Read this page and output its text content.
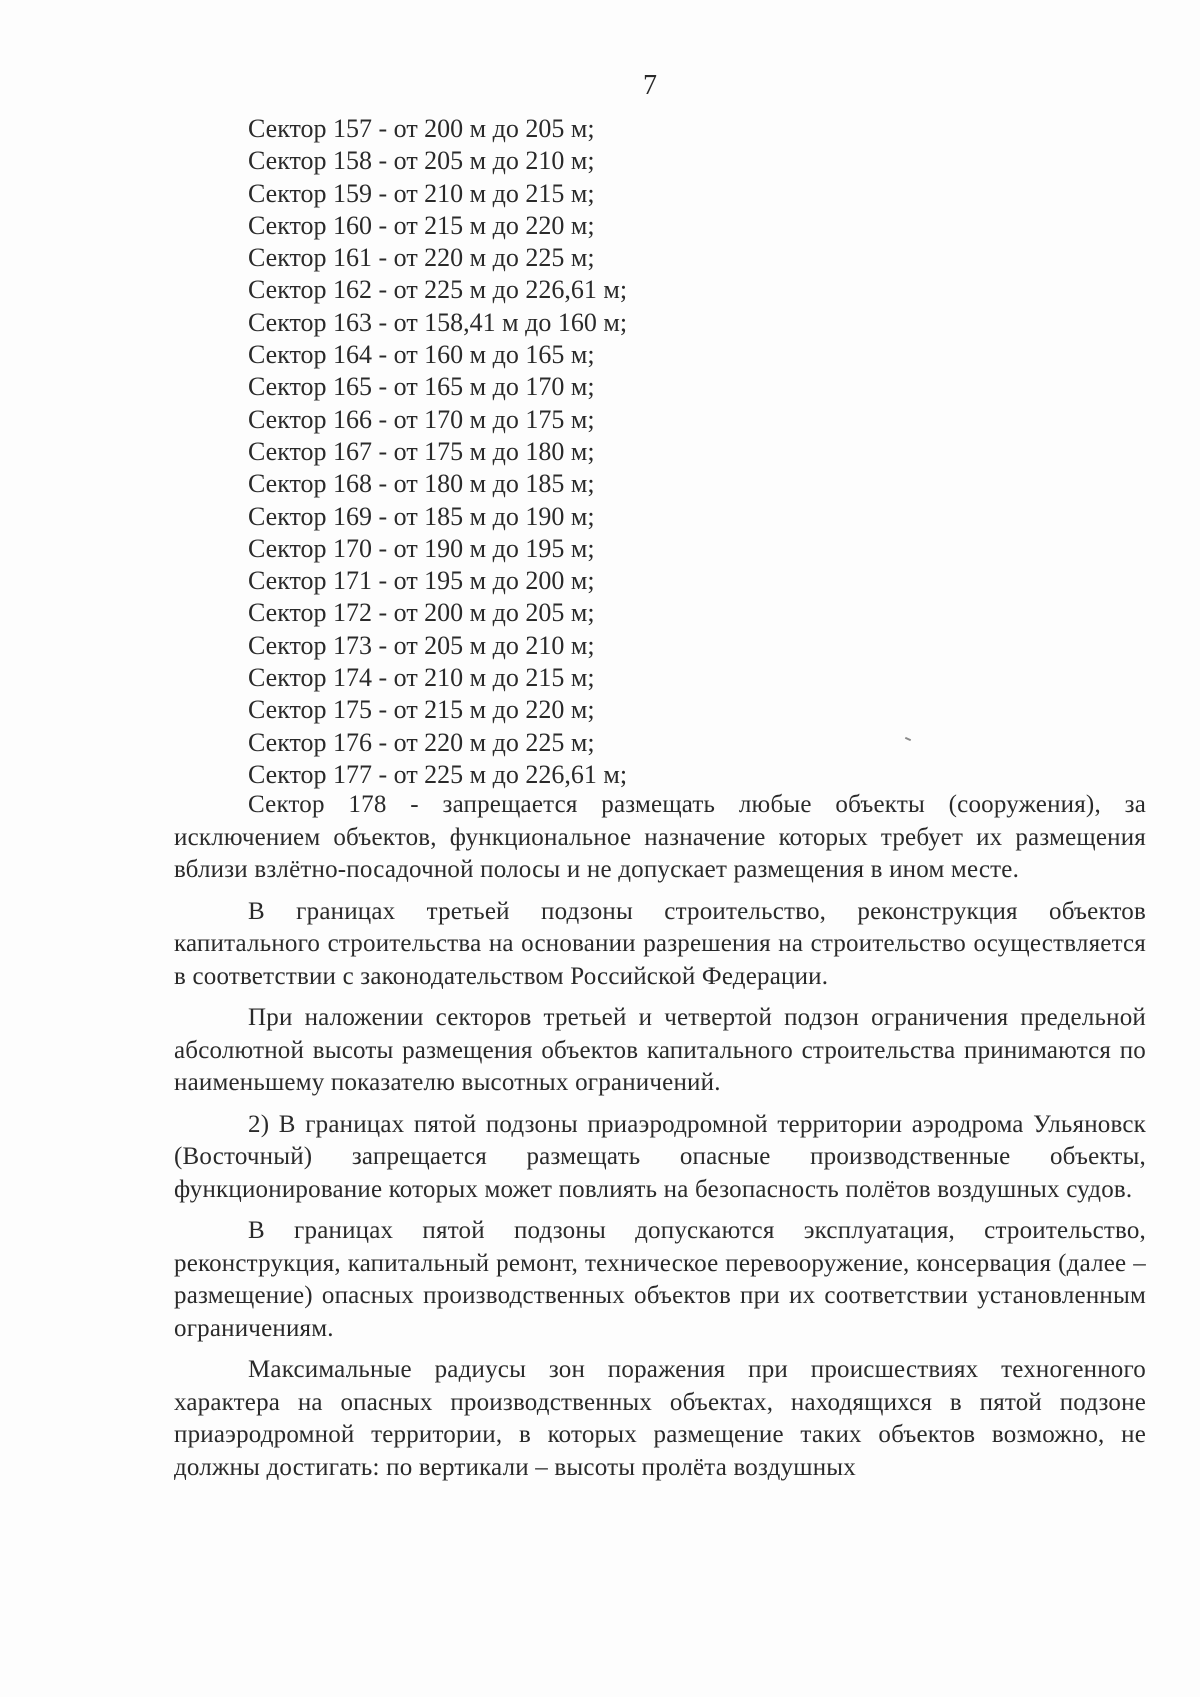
7
Сектор 157 - от 200 м до 205 м;
Сектор 158 - от 205 м до 210 м;
Сектор 159 - от 210 м до 215 м;
Сектор 160 - от 215 м до 220 м;
Сектор 161 - от 220 м до 225 м;
Сектор 162 - от 225 м до 226,61 м;
Сектор 163 - от 158,41 м до 160 м;
Сектор 164 - от 160 м до 165 м;
Сектор 165 - от 165 м до 170 м;
Сектор 166 - от 170 м до 175 м;
Сектор 167 - от 175 м до 180 м;
Сектор 168 - от 180 м до 185 м;
Сектор 169 - от 185 м до 190 м;
Сектор 170 - от 190 м до 195 м;
Сектор 171 - от 195 м до 200 м;
Сектор 172 - от 200 м до 205 м;
Сектор 173 - от 205 м до 210 м;
Сектор 174 - от 210 м до 215 м;
Сектор 175 - от 215 м до 220 м;
Сектор 176 - от 220 м до 225 м;
Сектор 177 - от 225 м до 226,61 м;

Сектор 178 - запрещается размещать любые объекты (сооружения), за исключением объектов, функциональное назначение которых требует их размещения вблизи взлётно-посадочной полосы и не допускает размещения в ином месте.

В границах третьей подзоны строительство, реконструкция объектов капитального строительства на основании разрешения на строительство осуществляется в соответствии с законодательством Российской Федерации.

При наложении секторов третьей и четвертой подзон ограничения предельной абсолютной высоты размещения объектов капитального строительства принимаются по наименьшему показателю высотных ограничений.

2) В границах пятой подзоны приаэродромной территории аэродрома Ульяновск (Восточный) запрещается размещать опасные производственные объекты, функционирование которых может повлиять на безопасность полётов воздушных судов.

В границах пятой подзоны допускаются эксплуатация, строительство, реконструкция, капитальный ремонт, техническое перевооружение, консервация (далее – размещение) опасных производственных объектов при их соответствии установленным ограничениям.

Максимальные радиусы зон поражения при происшествиях техногенного характера на опасных производственных объектах, находящихся в пятой подзоне приаэродромной территории, в которых размещение таких объектов возможно, не должны достигать: по вертикали – высоты пролёта воздушных
